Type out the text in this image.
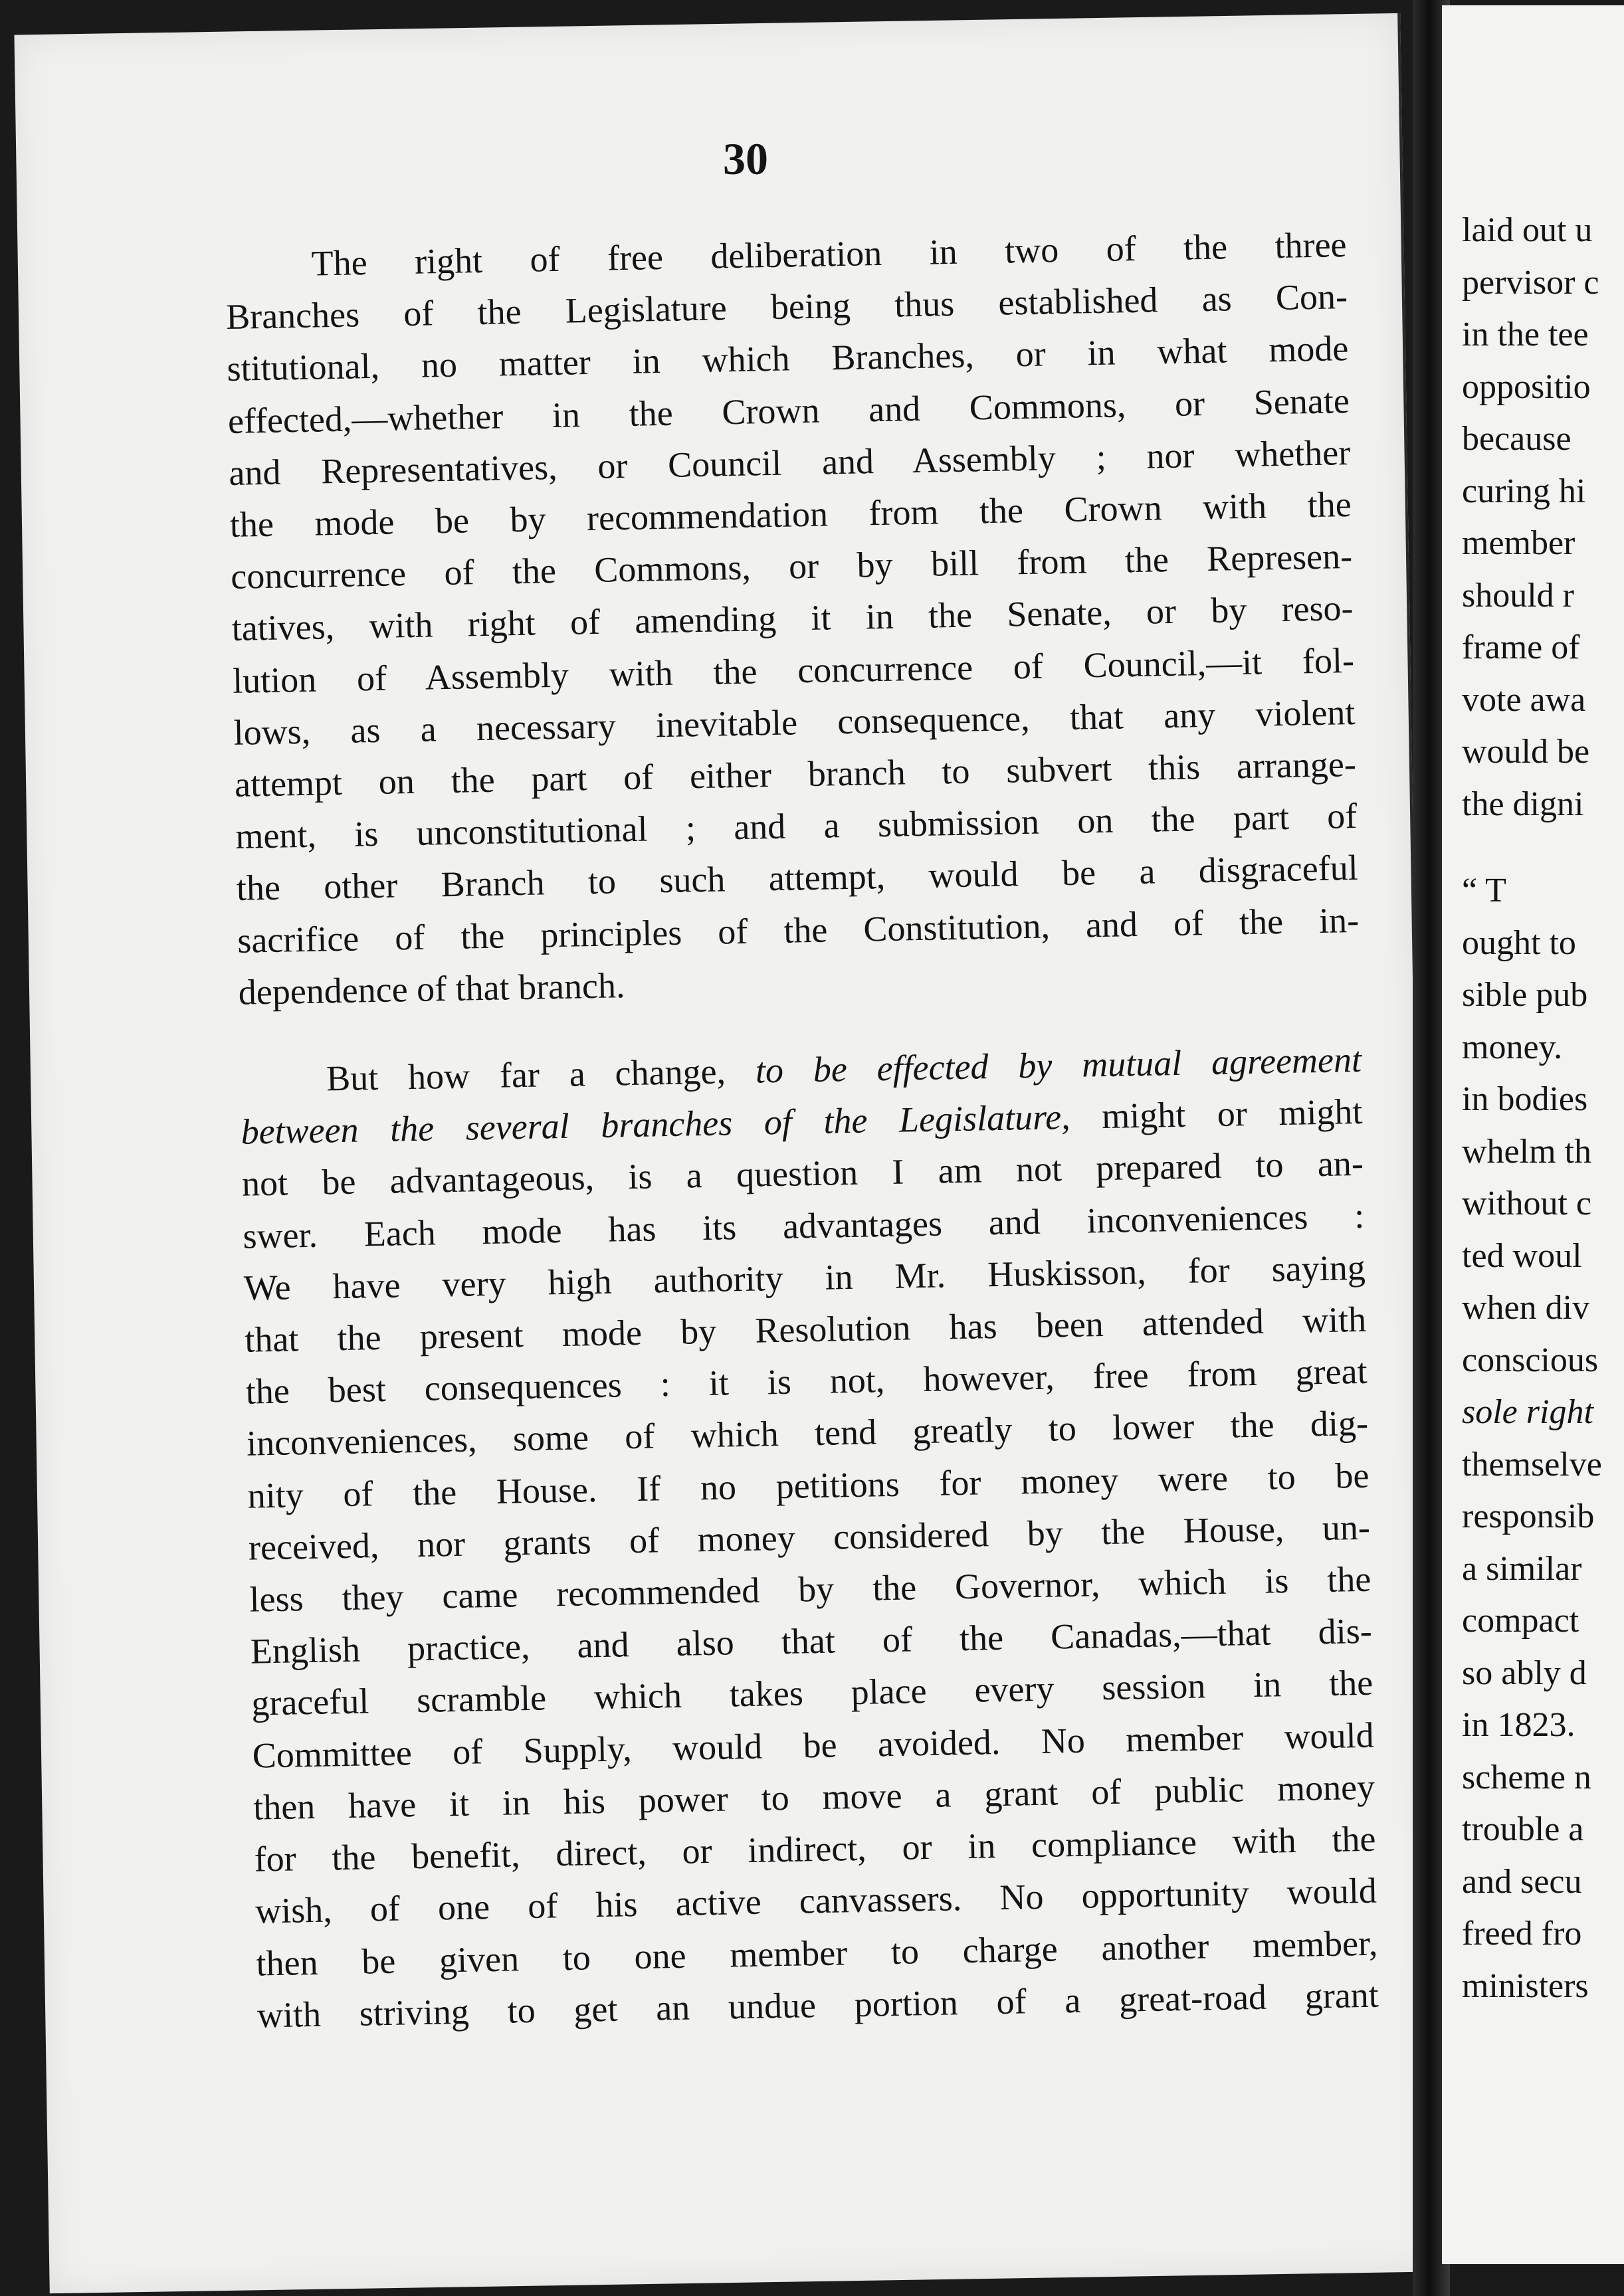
30

The right of free deliberation in two of the three
Branches of the Legislature being thus established as Con-
stitutional, no matter in which Branches, or in what mode
effected,—whether in the Crown and Commons, or Senate
and Representatives, or Council and Assembly ; nor whether
the mode be by recommendation from the Crown with the
concurrence of the Commons, or by bill from the Represen-
tatives, with right of amending it in the Senate, or by reso-
lution of Assembly with the concurrence of Council,—it fol-
lows, as a necessary inevitable consequence, that any violent
attempt on the part of either branch to subvert this arrange-
ment, is unconstitutional ; and a submission on the part of
the other Branch to such attempt, would be a disgraceful
sacrifice of the principles of the Constitution, and of the in-
dependence of that branch.

But how far a change, to be effected by mutual agreement
between the several branches of the Legislature, might or might
not be advantageous, is a question I am not prepared to an-
swer. Each mode has its advantages and inconveniences :
We have very high authority in Mr. Huskisson, for saying
that the present mode by Resolution has been attended with
the best consequences : it is not, however, free from great
inconveniences, some of which tend greatly to lower the dig-
nity of the House. If no petitions for money were to be
received, nor grants of money considered by the House, un-
less they came recommended by the Governor, which is the
English practice, and also that of the Canadas,—that dis-
graceful scramble which takes place every session in the
Committee of Supply, would be avoided. No member would
then have it in his power to move a grant of public money
for the benefit, direct, or indirect, or in compliance with the
wish, of one of his active canvassers. No opportunity would
then be given to one member to charge another member,
with striving to get an undue portion of a great-road grant

laid out u
pervisor c
in the tee
oppositio
because
curing hi
member
should r
frame of
vote awa
would be
the digni
“ T
ought to
sible pub
money.
in bodies
whelm th
without c
ted woul
when div
conscious
sole right
themselve
responsib
a similar
compact
so ably d
in 1823.
scheme n
trouble a
and secu
freed fro
ministers
